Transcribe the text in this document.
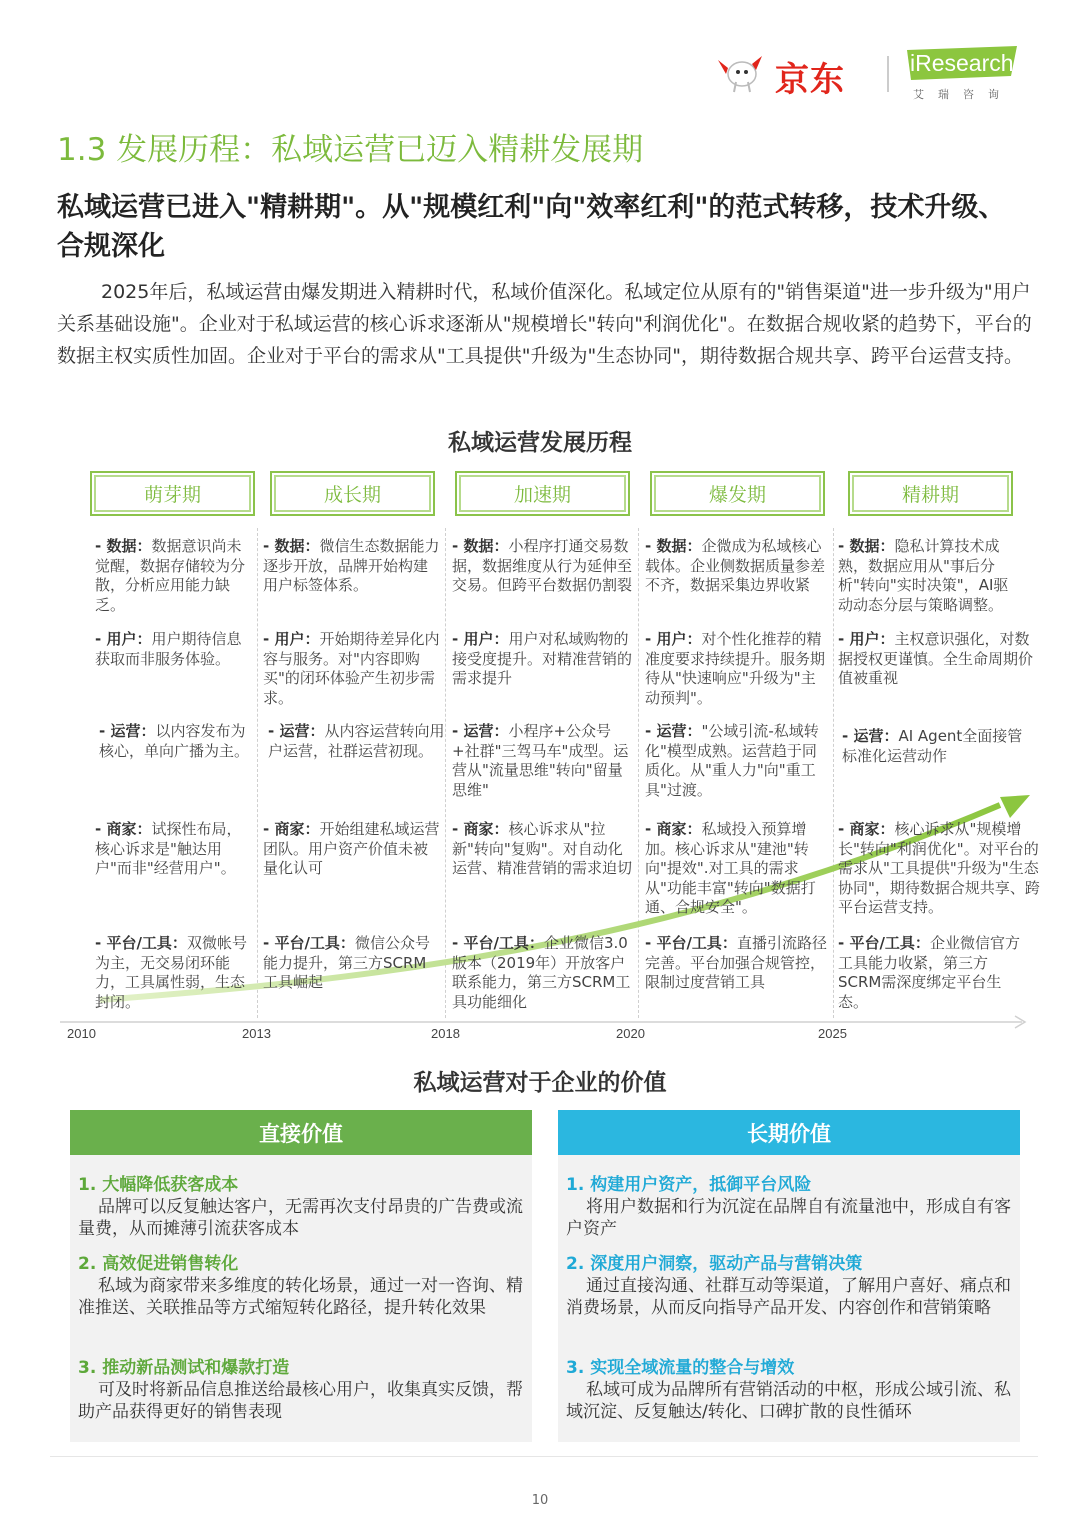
京东	iResearch
艾瑞咨询
1.3 发展历程：私域运营已迈入精耕发展期
私域运营已进入"精耕期"。从"规模红利"向"效率红利"的范式转移，技术升级、合规深化
2025年后，私域运营由爆发期进入精耕时代，私域价值深化。私域定位从原有的"销售渠道"进一步升级为"用户关系基础设施"。企业对于私域运营的核心诉求逐渐从"规模增长"转向"利润优化"。在数据合规收紧的趋势下，平台的数据主权实质性加固。企业对于平台的需求从"工具提供"升级为"生态协同"，期待数据合规共享、跨平台运营支持。
私域运营发展历程
萌芽期	成长期	加速期	爆发期	精耕期
- 数据：数据意识尚未觉醒，数据存储较为分散，分析应用能力缺乏。
- 数据：微信生态数据能力逐步开放，品牌开始构建用户标签体系。
- 数据：小程序打通交易数据，数据维度从行为延伸至交易。但跨平台数据仍割裂
- 数据：企微成为私域核心载体。企业侧数据质量参差不齐，数据采集边界收紧
- 数据：隐私计算技术成熟，数据应用从"事后分析"转向"实时决策"，AI驱动动态分层与策略调整。
- 用户：用户期待信息获取而非服务体验。
- 用户：开始期待差异化内容与服务。对"内容即购买"的闭环体验产生初步需求。
- 用户：用户对私域购物的接受度提升。对精准营销的需求提升
- 用户：对个性化推荐的精准度要求持续提升。服务期待从"快速响应"升级为"主动预判"。
- 用户：主权意识强化，对数据授权更谨慎。全生命周期价值被重视
- 运营：以内容发布为核心，单向广播为主。
- 运营：从内容运营转向用户运营，社群运营初现。
- 运营：小程序+公众号+社群"三驾马车"成型。运营从"流量思维"转向"留量思维"
- 运营："公域引流-私域转化"模型成熟。运营趋于同质化。从"重人力"向"重工具"过渡。
- 运营：AI Agent全面接管标准化运营动作
- 商家：试探性布局，核心诉求是"触达用户"而非"经营用户"。
- 商家：开始组建私域运营团队。用户资产价值未被量化认可
- 商家：核心诉求从"拉新"转向"复购"。对自动化运营、精准营销的需求迫切
- 商家：私域投入预算增加。核心诉求从"建池"转向"提效".对工具的需求从"功能丰富"转向"数据打通、合规安全"。
- 商家：核心诉求从"规模增长"转向"利润优化"。对平台的需求从"工具提供"升级为"生态协同"，期待数据合规共享、跨平台运营支持。
- 平台/工具：双微帐号为主，无交易闭环能力，工具属性弱，生态封闭。
- 平台/工具：微信公众号能力提升，第三方SCRM工具崛起
- 平台/工具：企业微信3.0版本（2019年）开放客户联系能力，第三方SCRM工具功能细化
- 平台/工具：直播引流路径完善。平台加强合规管控，限制过度营销工具
- 平台/工具：企业微信官方工具能力收紧，第三方SCRM需深度绑定平台生态。
2010	2013	2018	2020	2025
私域运营对于企业的价值
直接价值
1. 大幅降低获客成本
品牌可以反复触达客户，无需再次支付昂贵的广告费或流量费，从而摊薄引流获客成本
2. 高效促进销售转化
私域为商家带来多维度的转化场景，通过一对一咨询、精准推送、关联推品等方式缩短转化路径，提升转化效果
3. 推动新品测试和爆款打造
可及时将新品信息推送给最核心用户，收集真实反馈，帮助产品获得更好的销售表现
长期价值
1. 构建用户资产，抵御平台风险
将用户数据和行为沉淀在品牌自有流量池中，形成自有客户资产
2. 深度用户洞察，驱动产品与营销决策
通过直接沟通、社群互动等渠道，了解用户喜好、痛点和消费场景，从而反向指导产品开发、内容创作和营销策略
3. 实现全域流量的整合与增效
私域可成为品牌所有营销活动的中枢，形成公域引流、私域沉淀、反复触达/转化、口碑扩散的良性循环
10
